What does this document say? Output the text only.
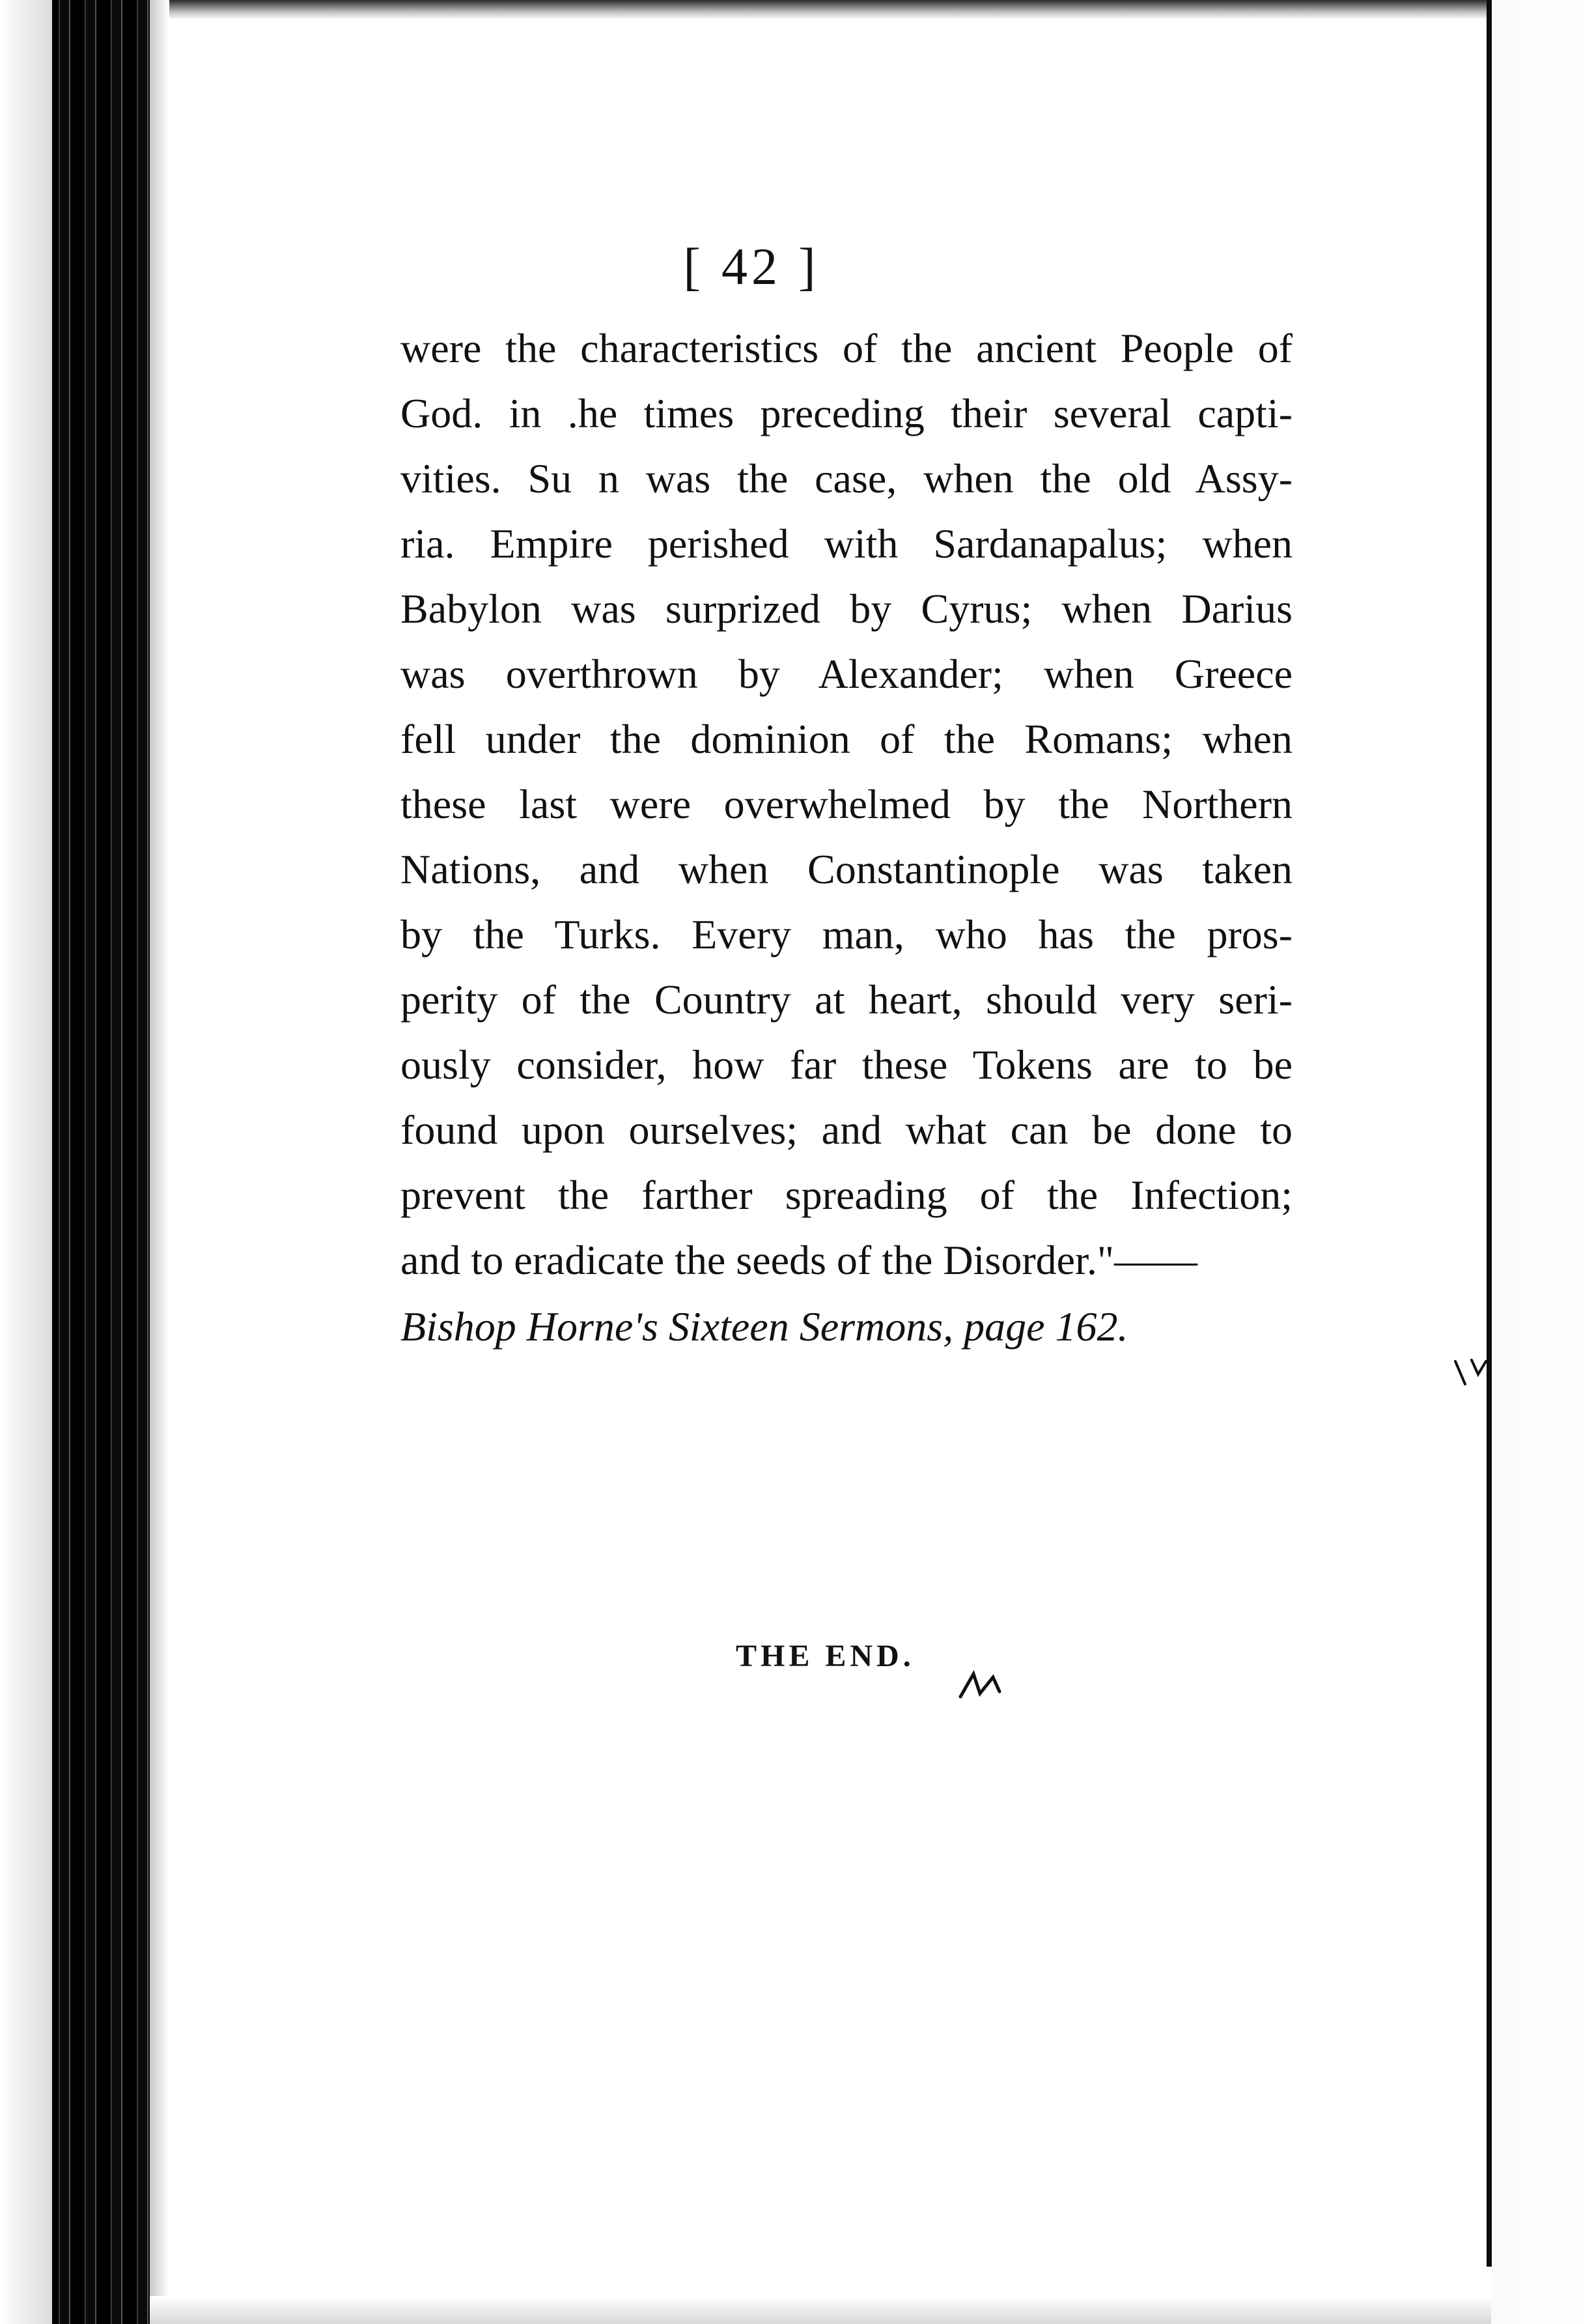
[ 42 ]
were the characteristics of the ancient People of
God. in .he times preceding their several capti-
vities. Su n was the case, when the old Assy-
ria. Empire perished with Sardanapalus; when
Babylon was surprized by Cyrus; when Darius
was overthrown by Alexander; when Greece
fell under the dominion of the Romans; when
these last were overwhelmed by the Northern
Nations, and when Constantinople was taken
by the Turks. Every man, who has the pros-
perity of the Country at heart, should very seri-
ously consider, how far these Tokens are to be
found upon ourselves; and what can be done to
prevent the farther spreading of the Infection;
and to eradicate the seeds of the Disorder."——
Bishop Horne's Sixteen Sermons, page 162.
THE END.
